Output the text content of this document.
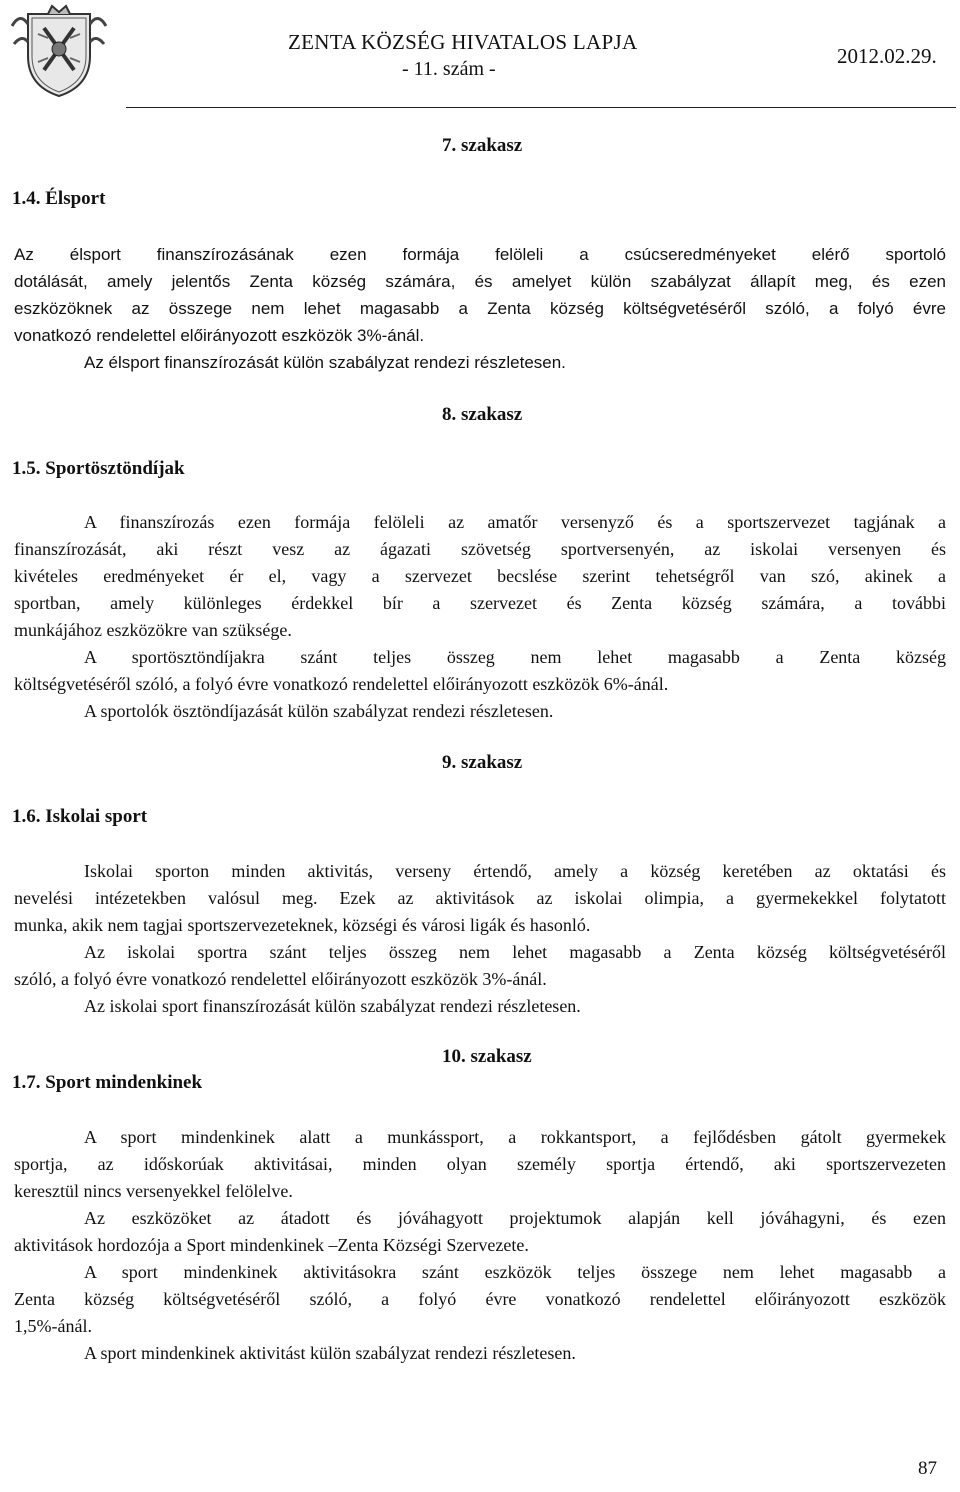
ZENTA KÖZSÉG HIVATALOS LAPJA
- 11. szám -
2012.02.29.
7. szakasz
1.4. Élsport
Az élsport finanszírozásának ezen formája felöleli a csúcseredményeket elérő sportoló
dotálását, amely jelentős Zenta község számára, és amelyet külön szabályzat állapít meg, és ezen
eszközöknek az összege nem lehet magasabb a Zenta község költségvetéséről szóló, a folyó évre
vonatkozó rendelettel előirányozott eszközök 3%-ánál.
Az élsport finanszírozását külön szabályzat rendezi részletesen.
8. szakasz
1.5. Sportösztöndíjak
A finanszírozás ezen formája felöleli az amatőr versenyző és a sportszervezet tagjának a
finanszírozását, aki részt vesz az ágazati szövetség sportversenyén, az iskolai versenyen és
kivételes eredményeket ér el, vagy a szervezet becslése szerint tehetségről van szó, akinek a
sportban, amely különleges érdekkel bír a szervezet és Zenta község számára, a további
munkájához eszközökre van szüksége.
A sportösztöndíjakra szánt teljes összeg nem lehet magasabb a Zenta község
költségvetéséről szóló, a folyó évre vonatkozó rendelettel előirányozott eszközök 6%-ánál.
A sportolók ösztöndíjazását külön szabályzat rendezi részletesen.
9. szakasz
1.6. Iskolai sport
Iskolai sporton minden aktivitás, verseny értendő, amely a község keretében az oktatási és
nevelési intézetekben valósul meg. Ezek az aktivitások az iskolai olimpia, a gyermekekkel folytatott
munka, akik nem tagjai sportszervezeteknek, községi és városi ligák és hasonló.
Az iskolai sportra szánt teljes összeg nem lehet magasabb a Zenta község költségvetéséről
szóló, a folyó évre vonatkozó rendelettel előirányozott eszközök 3%-ánál.
Az iskolai sport finanszírozását külön szabályzat rendezi részletesen.
10. szakasz
1.7. Sport mindenkinek
A sport mindenkinek alatt a munkássport, a rokkantsport, a fejlődésben gátolt gyermekek
sportja, az időskorúak aktivitásai, minden olyan személy sportja értendő, aki sportszervezeten
keresztül nincs versenyekkel felölelve.
Az eszközöket az átadott és jóváhagyott projektumok alapján kell jóváhagyni, és ezen
aktivitások hordozója a Sport mindenkinek –Zenta Községi Szervezete.
A sport mindenkinek aktivitásokra szánt eszközök teljes összege nem lehet magasabb a
Zenta község költségvetéséről szóló, a folyó évre vonatkozó rendelettel előirányozott eszközök
1,5%-ánál.
A sport mindenkinek aktivitást külön szabályzat rendezi részletesen.
87
